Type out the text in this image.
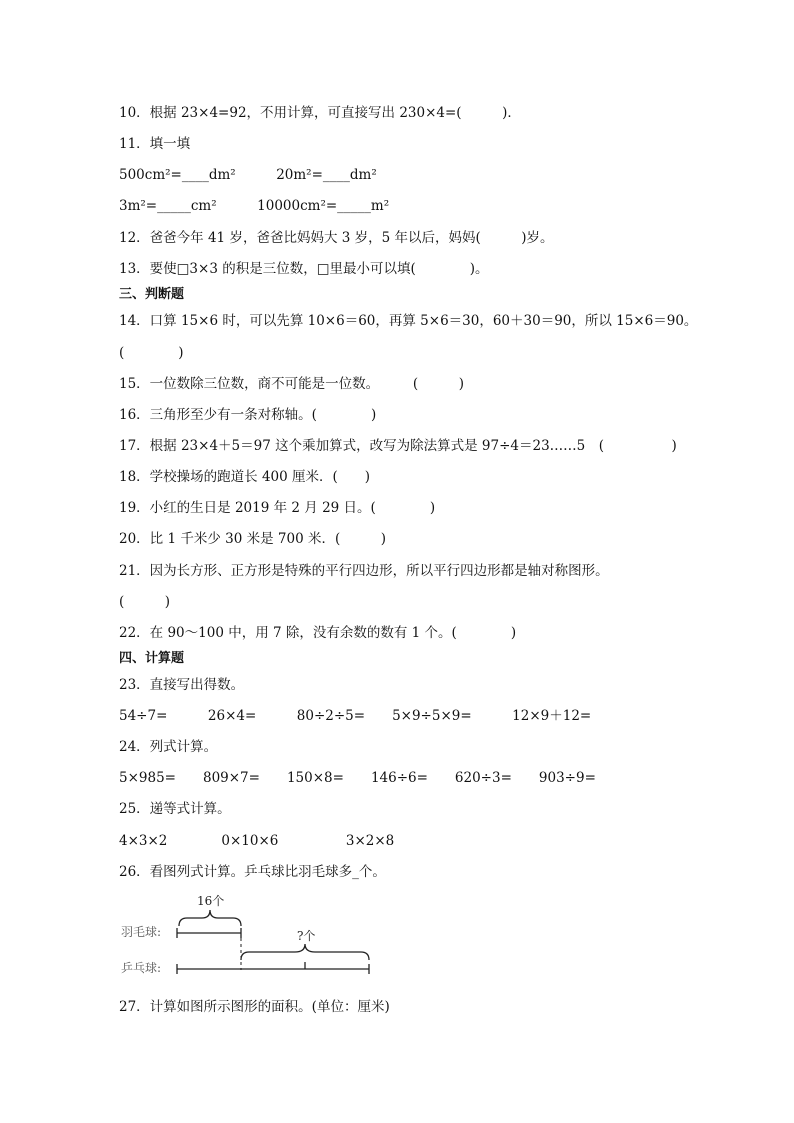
10．根据 23×4=92，不用计算，可直接写出 230×4=(　　　)．
11．填一填
500cm²=____dm²　　　20m²=____dm²
3m²=_____cm²　　　10000cm²=_____m²
12．爸爸今年 41 岁，爸爸比妈妈大 3 岁，5 年以后，妈妈(　　　)岁。
13．要使□3×3 的积是三位数，□里最小可以填(　　　　)。
三、判断题
14．口算 15×6 时，可以先算 10×6＝60，再算 5×6＝30，60＋30＝90，所以 15×6＝90。
(　　　　)
15．一位数除三位数，商不可能是一位数。　　　(　　　)
16．三角形至少有一条对称轴。(　　　　)
17．根据 23×4＋5＝97 这个乘加算式，改写为除法算式是 97÷4＝23……5　(　　　　　)
18．学校操场的跑道长 400 厘米．(　　)
19．小红的生日是 2019 年 2 月 29 日。(　　　　)
20．比 1 千米少 30 米是 700 米．(　　　)
21．因为长方形、正方形是特殊的平行四边形，所以平行四边形都是轴对称图形。
(　　　)
22．在 90～100 中，用 7 除，没有余数的数有 1 个。(　　　　)
四、计算题
23．直接写出得数。
54÷7=　　　26×4=　　　80÷2÷5=　　5×9÷5×9=　　　12×9＋12=
24．列式计算。
5×985=　　809×7=　　150×8=　　146÷6=　　620÷3=　　903÷9=
25．递等式计算。
4×3×2　　　　0×10×6　　　　　3×2×8
26．看图列式计算。乒乓球比羽毛球多_个。
16个
羽毛球:	?个
乒乓球:
27．计算如图所示图形的面积。(单位：厘米)
